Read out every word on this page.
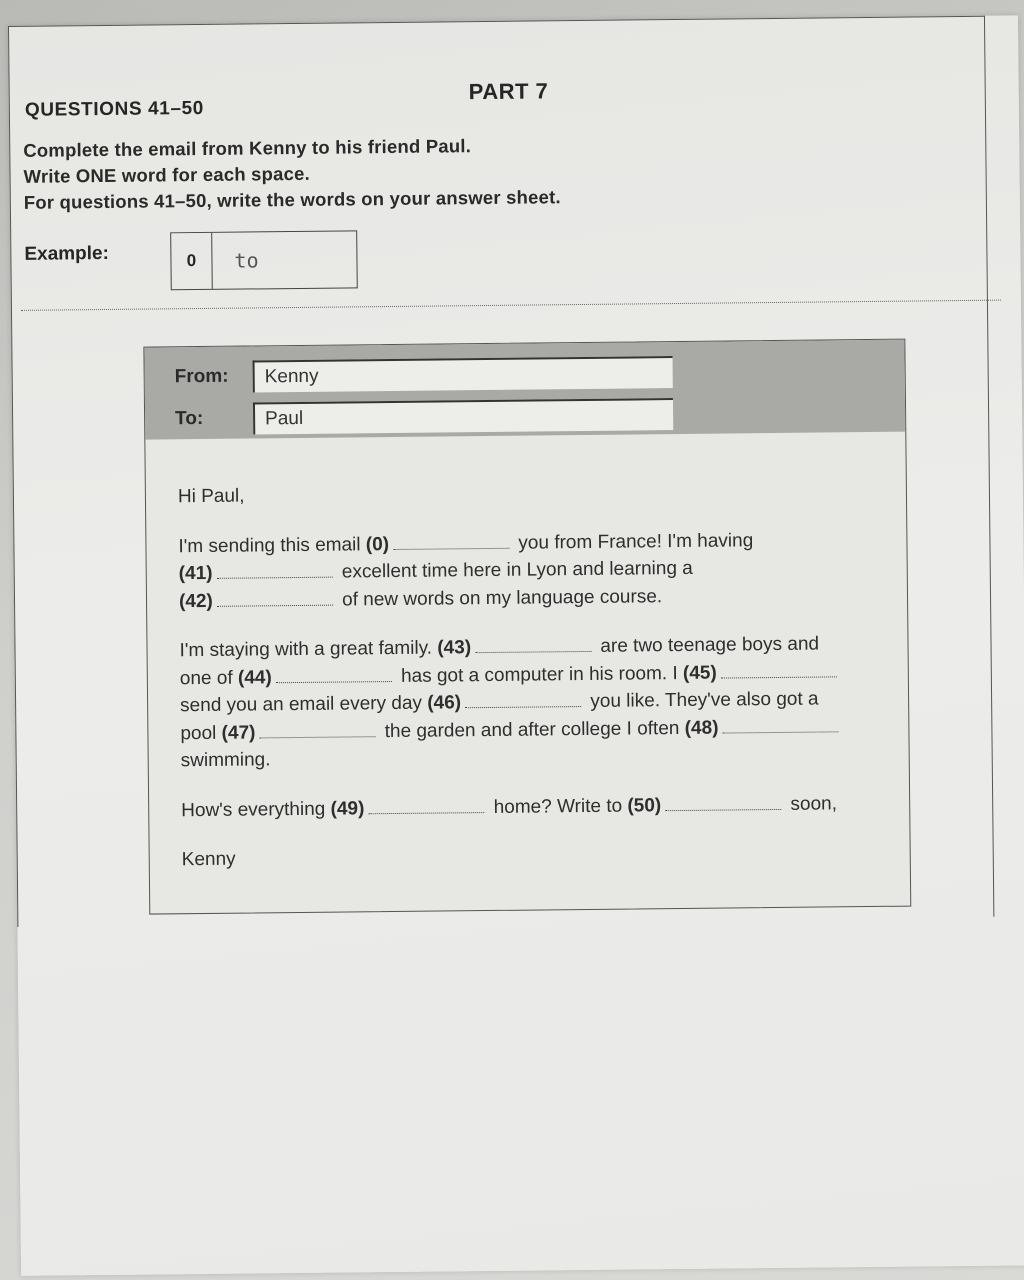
PART 7
QUESTIONS 41–50
Complete the email from Kenny to his friend Paul.
Write ONE word for each space.
For questions 41–50, write the words on your answer sheet.
Example:	0	to
From:	Kenny
To:	Paul

Hi Paul,

I'm sending this email (0)	you from France! I'm having
(41)	excellent time here in Lyon and learning a
(42)	of new words on my language course.

I'm staying with a great family. (43)	are two teenage boys and
one of (44)	has got a computer in his room. I (45)
send you an email every day (46)	you like. They've also got a
pool (47)	the garden and after college I often (48)
swimming.

How's everything (49)	home? Write to (50)	soon,

Kenny
